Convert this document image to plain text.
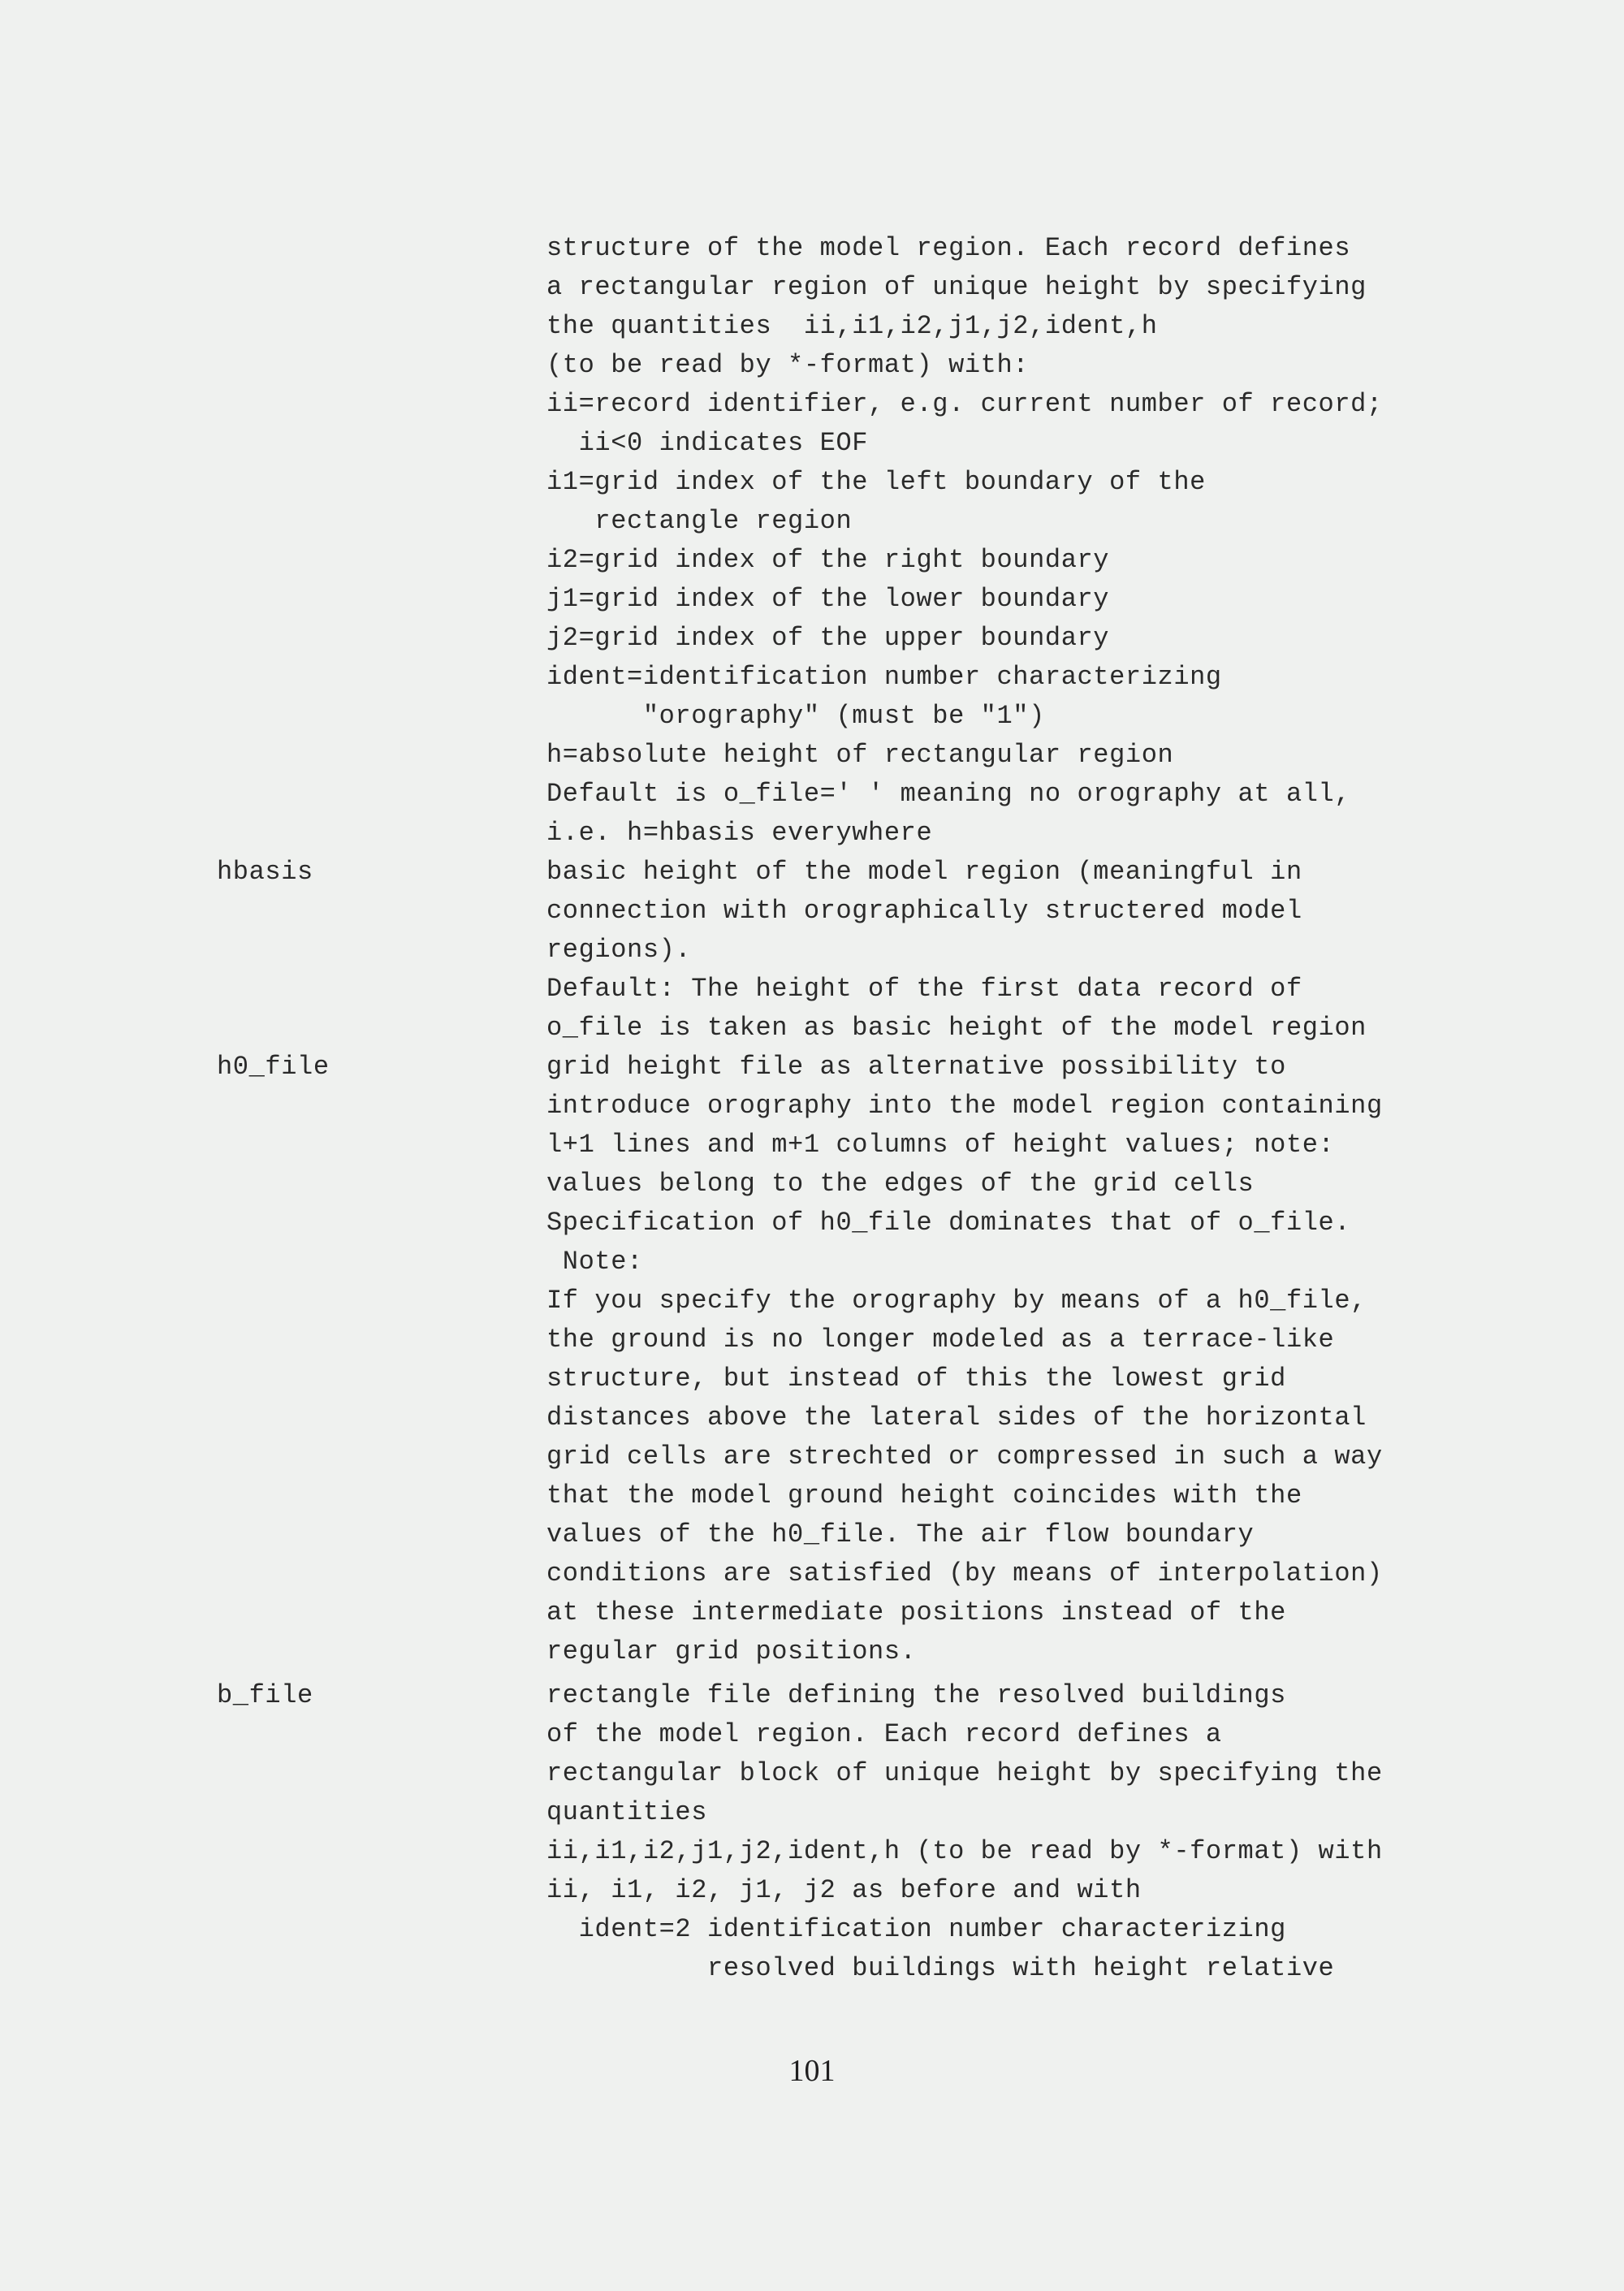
structure of the model region. Each record defines
a rectangular region of unique height by specifying
the quantities  ii,i1,i2,j1,j2,ident,h
(to be read by *-format) with:
ii=record identifier, e.g. current number of record;
ii<0 indicates EOF
i1=grid index of the left boundary of the
rectangle region
i2=grid index of the right boundary
j1=grid index of the lower boundary
j2=grid index of the upper boundary
ident=identification number characterizing
"orography" (must be "1")
h=absolute height of rectangular region
Default is o_file=' ' meaning no orography at all,
i.e. h=hbasis everywhere
hbasis	basic height of the model region (meaningful in
connection with orographically structered model
regions).
Default: The height of the first data record of
o_file is taken as basic height of the model region
h0_file	grid height file as alternative possibility to
introduce orography into the model region containing
l+1 lines and m+1 columns of height values; note:
values belong to the edges of the grid cells
Specification of h0_file dominates that of o_file.
Note:
If you specify the orography by means of a h0_file,
the ground is no longer modeled as a terrace-like
structure, but instead of this the lowest grid
distances above the lateral sides of the horizontal
grid cells are strechted or compressed in such a way
that the model ground height coincides with the
values of the h0_file. The air flow boundary
conditions are satisfied (by means of interpolation)
at these intermediate positions instead of the
regular grid positions.
b_file	rectangle file defining the resolved buildings
of the model region. Each record defines a
rectangular block of unique height by specifying the
quantities
ii,i1,i2,j1,j2,ident,h (to be read by *-format) with
ii, i1, i2, j1, j2 as before and with
ident=2 identification number characterizing
resolved buildings with height relative
101
